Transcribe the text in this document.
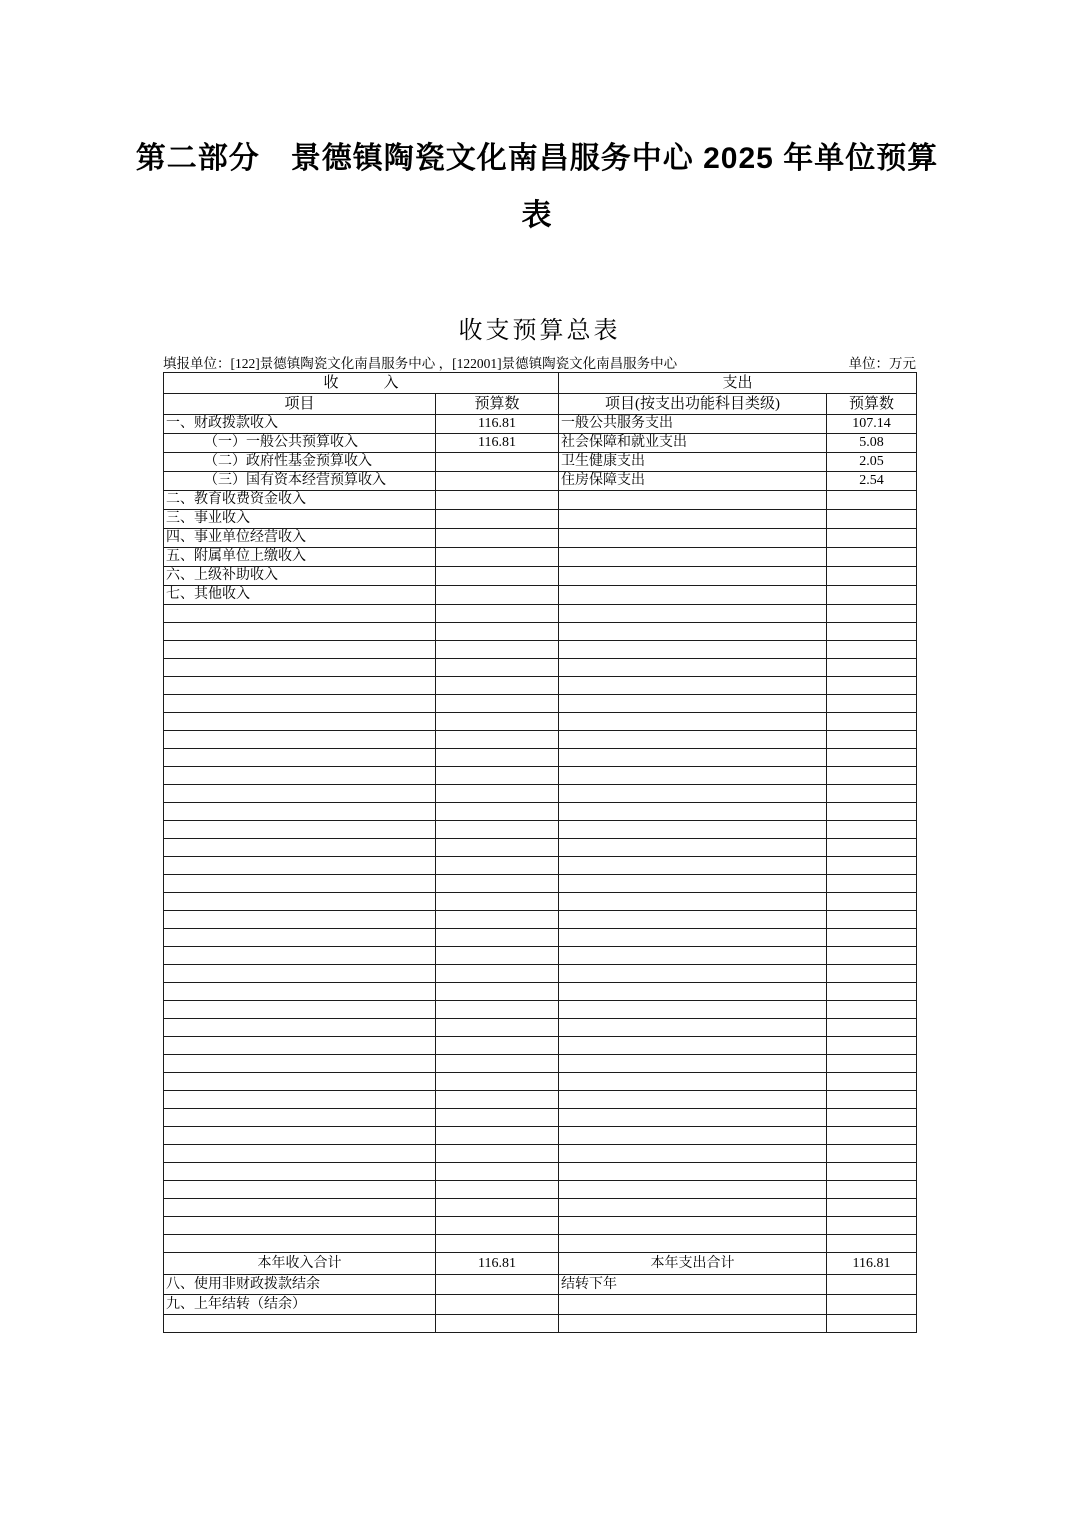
第二部分　景德镇陶瓷文化南昌服务中心 2025 年单位预算
表
收支预算总表
填报单位：[122]景德镇陶瓷文化南昌服务中心 ，[122001]景德镇陶瓷文化南昌服务中心	单位：万元
收　　　入		支出	
项目	预算数	项目(按支出功能科目类级)	预算数
一、财政拨款收入	116.81	一般公共服务支出	107.14
（一）一般公共预算收入	116.81	社会保障和就业支出	5.08
（二）政府性基金预算收入		卫生健康支出	2.05
（三）国有资本经营预算收入		住房保障支出	2.54
二、教育收费资金收入			
三、事业收入			
四、事业单位经营收入			
五、附属单位上缴收入			
六、上级补助收入			
七、其他收入			

本年收入合计	116.81	本年支出合计	116.81
八、使用非财政拨款结余		结转下年	
九、上年结转（结余）			
